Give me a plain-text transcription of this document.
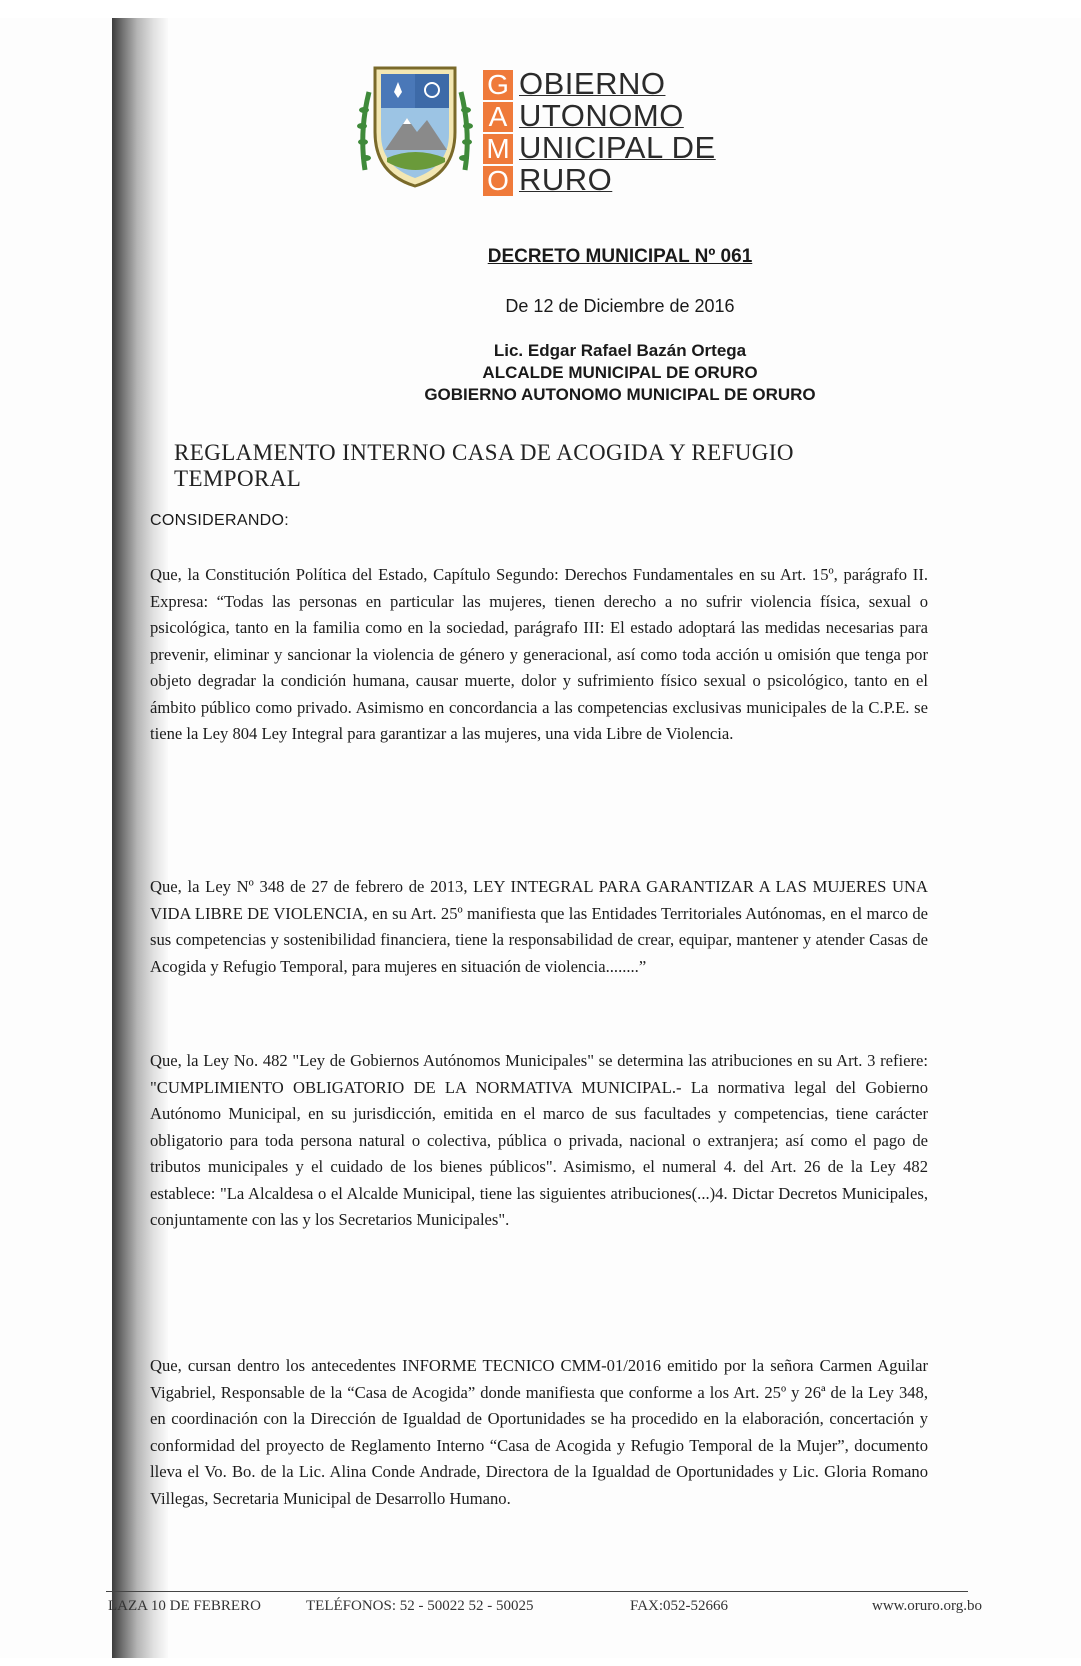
G
A
M
O
OBIERNO
UTONOMO
UNICIPAL DE
RURO
DECRETO MUNICIPAL Nº 061
De 12 de Diciembre de 2016
Lic. Edgar Rafael Bazán Ortega
ALCALDE MUNICIPAL DE ORURO
GOBIERNO AUTONOMO MUNICIPAL DE ORURO
REGLAMENTO INTERNO CASA DE ACOGIDA Y REFUGIO TEMPORAL
CONSIDERANDO:

Que, la Constitución Política del Estado, Capítulo Segundo: Derechos Fundamentales en su Art. 15º, parágrafo II. Expresa: “Todas las personas en particular las mujeres, tienen derecho a no sufrir violencia física, sexual o psicológica, tanto en la familia como en la sociedad, parágrafo III: El estado adoptará las medidas necesarias para prevenir, eliminar y sancionar la violencia de género y generacional, así como toda acción u omisión que tenga por objeto degradar la condición humana, causar muerte, dolor y sufrimiento físico sexual o psicológico, tanto en el ámbito público como privado. Asimismo en concordancia a las competencias exclusivas municipales de la C.P.E. se tiene la Ley 804 Ley Integral para garantizar a las mujeres, una vida Libre de Violencia.

Que, la Ley Nº 348 de 27 de febrero de 2013, LEY INTEGRAL PARA GARANTIZAR A LAS MUJERES UNA VIDA LIBRE DE VIOLENCIA, en su Art. 25º manifiesta que las Entidades Territoriales Autónomas, en el marco de sus competencias y sostenibilidad financiera, tiene la responsabilidad de crear, equipar, mantener y atender Casas de Acogida y Refugio Temporal, para mujeres en situación de violencia........”

Que, la Ley No. 482 "Ley de Gobiernos Autónomos Municipales" se determina las atribuciones en su Art. 3 refiere: "CUMPLIMIENTO OBLIGATORIO DE LA NORMATIVA MUNICIPAL.- La normativa legal del Gobierno Autónomo Municipal, en su jurisdicción, emitida en el marco de sus facultades y competencias, tiene carácter obligatorio para toda persona natural o colectiva, pública o privada, nacional o extranjera; así como el pago de tributos municipales y el cuidado de los bienes públicos". Asimismo, el numeral 4. del Art. 26 de la Ley 482 establece: "La Alcaldesa o el Alcalde Municipal, tiene las siguientes atribuciones(...)4. Dictar Decretos Municipales, conjuntamente con las y los Secretarios Municipales".

Que, cursan dentro los antecedentes INFORME TECNICO CMM-01/2016 emitido por la señora Carmen Aguilar Vigabriel, Responsable de la “Casa de Acogida” donde manifiesta que conforme a los Art. 25º y 26ª de la Ley 348, en coordinación con la Dirección de Igualdad de Oportunidades se ha procedido en la elaboración, concertación y conformidad del proyecto de Reglamento Interno “Casa de Acogida y Refugio Temporal de la Mujer”, documento lleva el Vo. Bo. de la Lic. Alina Conde Andrade, Directora de la Igualdad de Oportunidades y Lic. Gloria Romano Villegas, Secretaria Municipal de Desarrollo Humano.

LAZA 10 DE FEBRERO	TELÉFONOS: 52 - 50022 52 - 50025	FAX:052-52666	www.oruro.org.bo
